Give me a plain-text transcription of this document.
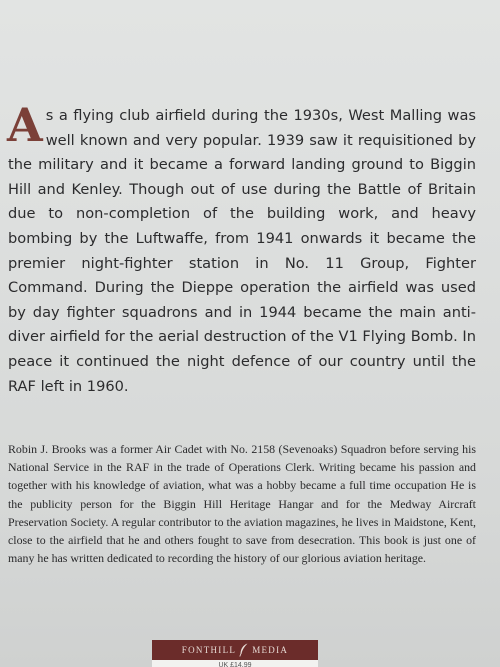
As a flying club airfield during the 1930s, West Malling was well known and very popular. 1939 saw it requisitioned by the military and it became a forward landing ground to Biggin Hill and Kenley. Though out of use during the Battle of Britain due to non-completion of the building work, and heavy bombing by the Luftwaffe, from 1941 onwards it became the premier night-fighter station in No. 11 Group, Fighter Command. During the Dieppe operation the airfield was used by day fighter squadrons and in 1944 became the main anti-diver airfield for the aerial destruction of the V1 Flying Bomb. In peace it continued the night defence of our country until the RAF left in 1960.

Robin J. Brooks was a former Air Cadet with No. 2158 (Sevenoaks) Squadron before serving his National Service in the RAF in the trade of Operations Clerk. Writing became his passion and together with his knowledge of aviation, what was a hobby became a full time occupation He is the publicity person for the Biggin Hill Heritage Hangar and for the Medway Aircraft Preservation Society. A regular contributor to the aviation magazines, he lives in Maidstone, Kent, close to the airfield that he and others fought to save from desecration. This book is just one of many he has written dedicated to recording the history of our glorious aviation heritage.

FONTHILL MEDIA
UK £14.99
